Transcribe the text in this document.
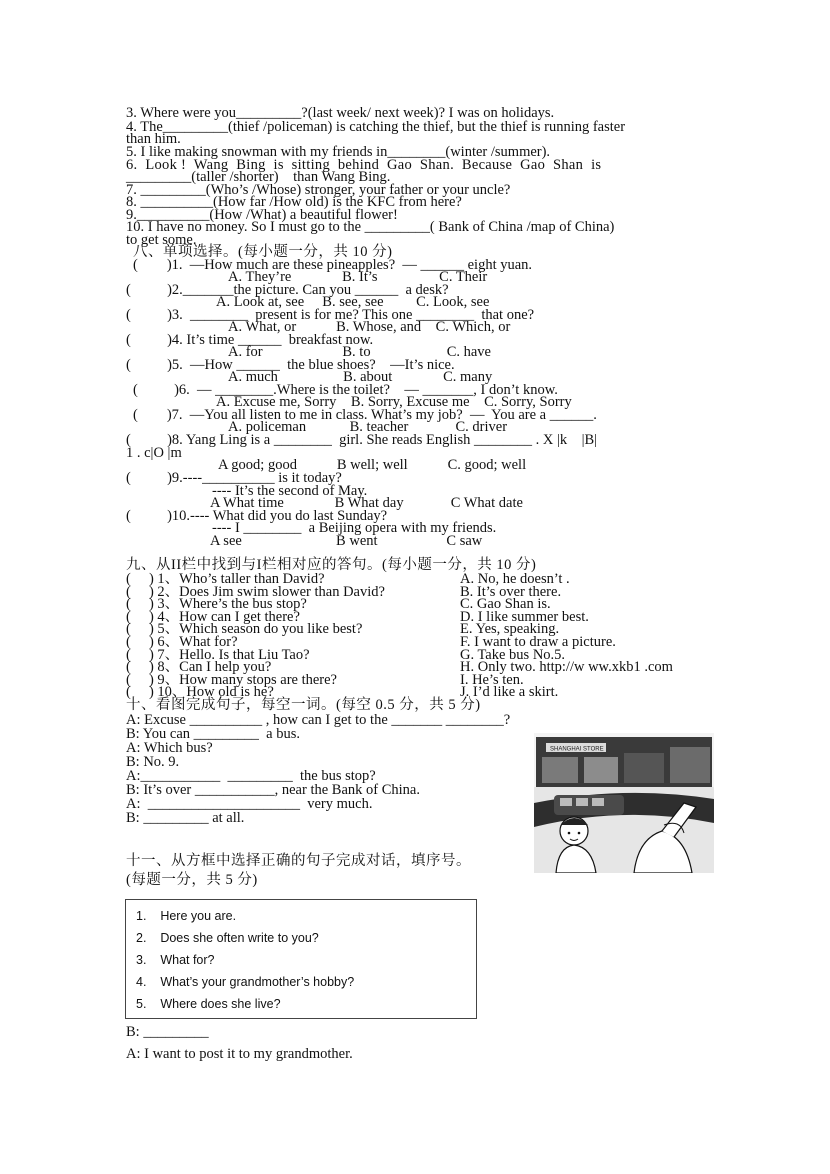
3. Where were you_________?(last week/ next week)? I was on holidays.
4. The_________(thief /policeman) is catching the thief, but the thief is running faster
than him.
5. I like making snowman with my friends in________(winter /summer).
6.  Look !  Wang  Bing  is  sitting  behind  Gao  Shan.  Because  Gao  Shan  is
_________(taller /shorter)    than Wang Bing.
7. _________(Who’s /Whose) stronger, your father or your uncle?
8. __________(How far /How old) is the KFC from here?
9.__________(How /What) a beautiful flower!
10. I have no money. So I must go to the _________( Bank of China /map of China)
to get some.
八、单项选择。(每小题一分，共 10 分)
(        )1.  —How much are these pineapples?  — ______ eight yuan.
A. They’re              B. It’s                 C. Their
(          )2._______the picture. Can you ______  a desk?
A. Look at, see     B. see, see         C. Look, see
(          )3.  ________  present is for me? This one ________  that one?
A. What, or           B. Whose, and    C. Which, or
(          )4. It’s time ______  breakfast now.
A. for                      B. to                     C. have
(          )5.  —How ______  the blue shoes?    —It’s nice.
A. much                  B. about              C. many
(          )6.  — ________.Where is the toilet?    — _______, I don’t know.
A. Excuse me, Sorry    B. Sorry, Excuse me    C. Sorry, Sorry
(        )7.  —You all listen to me in class. What’s my job?  —  You are a ______.
A. policeman            B. teacher             C. driver
(          )8. Yang Ling is a ________  girl. She reads English ________ . X |k    |B|
1 . c|O |m
A good; good           B well; well           C. good; well
(          )9.----__________ is it today?
---- It’s the second of May.
A What time              B What day             C What date
(          )10.---- What did you do last Sunday?
---- I ________  a Beijing opera with my friends.
A see                          B went                   C saw
九、从II栏中找到与I栏相对应的答句。(每小题一分，共 10 分)
(     ) 1、Who’s taller than David?
(     ) 2、Does Jim swim slower than David?
(     ) 3、Where’s the bus stop?
(     ) 4、How can I get there?
(     ) 5、Which season do you like best?
(     ) 6、What for?
(     ) 7、Hello. Is that Liu Tao?
(     ) 8、Can I help you?
(     ) 9、How many stops are there?
(     ) 10、How old is he?
A. No, he doesn’t .
B. It’s over there.
C. Gao Shan is.
D. I like summer best.
E. Yes, speaking.
F. I want to draw a picture.
G. Take bus No.5.
H. Only two. http://w ww.xkb1 .com
I. He’s ten.
J. I’d like a skirt.
十、看图完成句子，每空一词。(每空 0.5 分，共 5 分)
A: Excuse __________ , how can I get to the _______ ________?
B: You can _________  a bus.
A: Which bus?
B: No. 9.
A:___________  _________  the bus stop?
B: It’s over ___________, near the Bank of China.
A:  _____________________  very much.
B: _________ at all.
SHANGHAI STORE
十一、从方框中选择正确的句子完成对话，填序号。
(每题一分，共 5 分)
1.    Here you are.
2.    Does she often write to you?
3.    What for?
4.    What’s your grandmother’s hobby?
5.    Where does she live?
B: _________
A: I want to post it to my grandmother.
